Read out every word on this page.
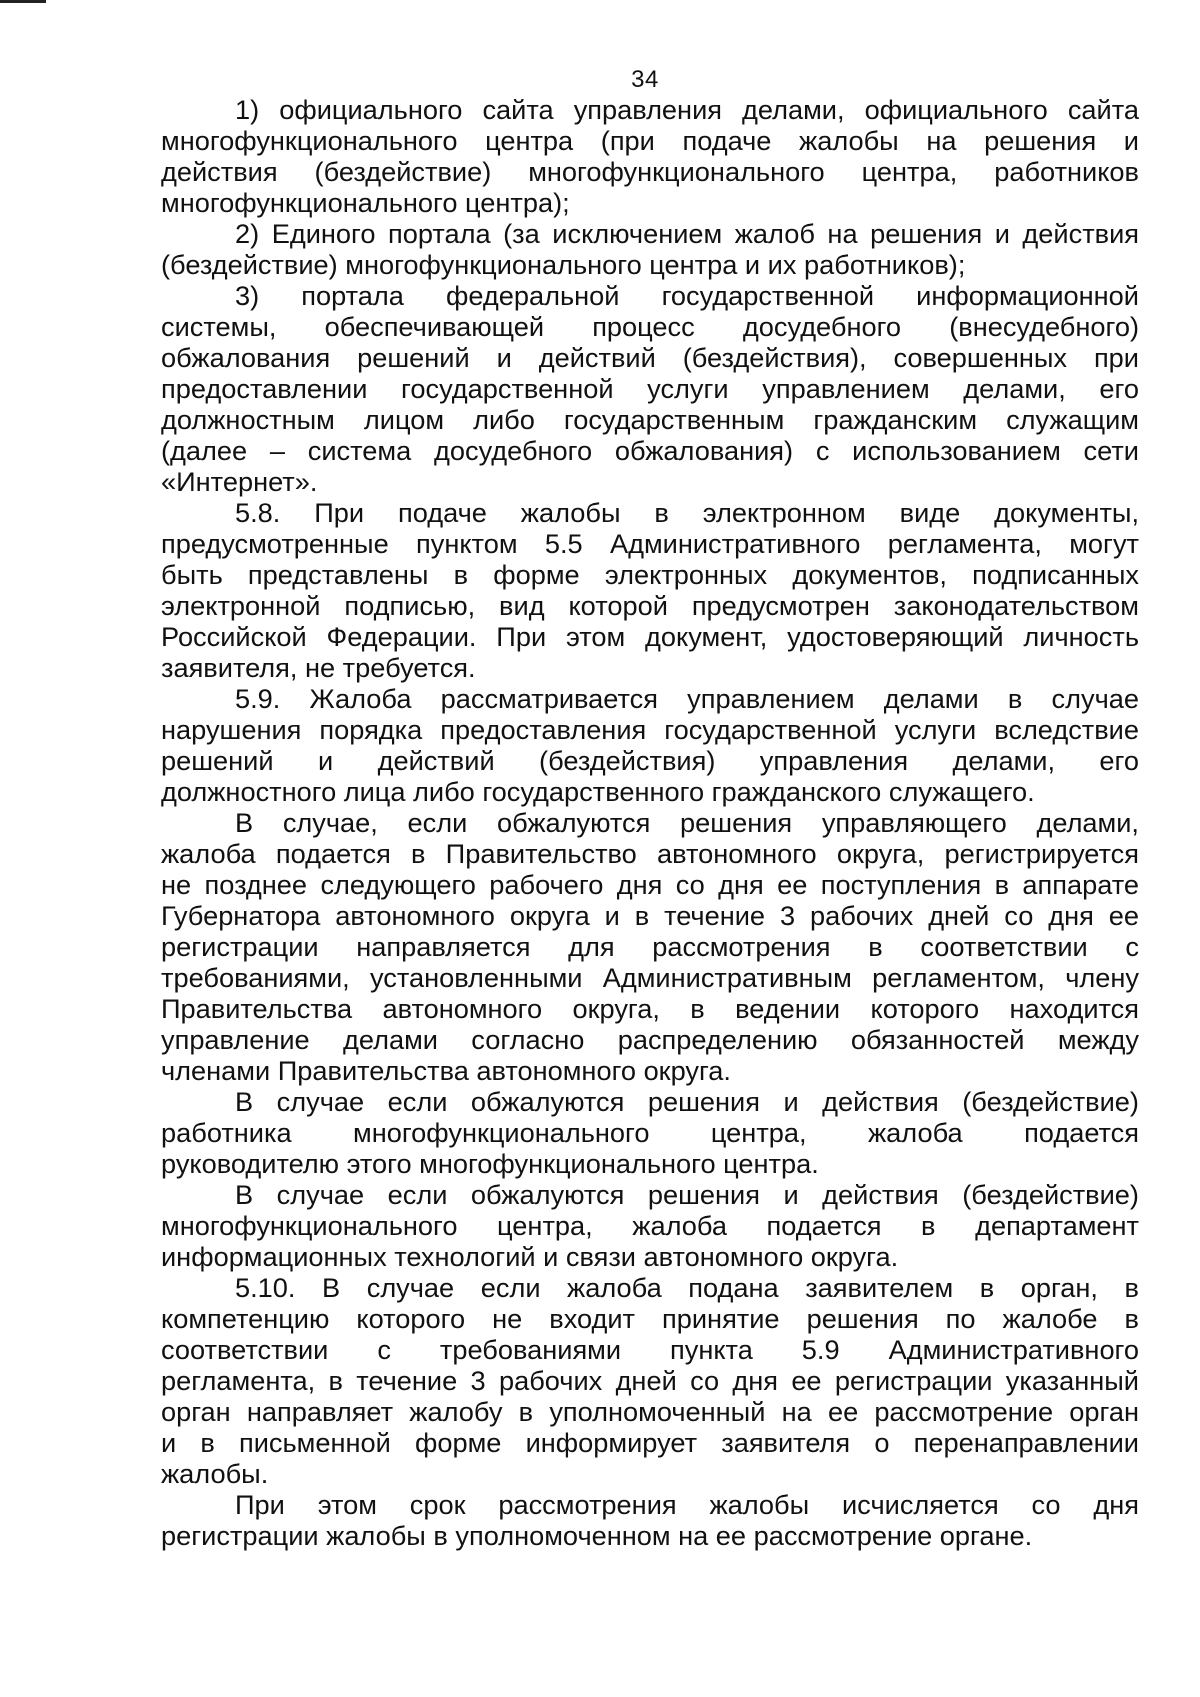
34

1) официального сайта управления делами, официального сайта
многофункционального центра (при подаче жалобы на решения и
действия (бездействие) многофункционального центра, работников
многофункционального центра);

2) Единого портала (за исключением жалоб на решения и действия
(бездействие) многофункционального центра и их работников);

3) портала федеральной государственной информационной
системы, обеспечивающей процесс досудебного (внесудебного)
обжалования решений и действий (бездействия), совершенных при
предоставлении государственной услуги управлением делами, его
должностным лицом либо государственным гражданским служащим
(далее – система досудебного обжалования) с использованием сети
«Интернет».

5.8. При подаче жалобы в электронном виде документы,
предусмотренные пунктом 5.5 Административного регламента, могут
быть представлены в форме электронных документов, подписанных
электронной подписью, вид которой предусмотрен законодательством
Российской Федерации. При этом документ, удостоверяющий личность
заявителя, не требуется.

5.9. Жалоба рассматривается управлением делами в случае
нарушения порядка предоставления государственной услуги вследствие
решений и действий (бездействия) управления делами, его
должностного лица либо государственного гражданского служащего.

В случае, если обжалуются решения управляющего делами,
жалоба подается в Правительство автономного округа, регистрируется
не позднее следующего рабочего дня со дня ее поступления в аппарате
Губернатора автономного округа и в течение 3 рабочих дней со дня ее
регистрации направляется для рассмотрения в соответствии с
требованиями, установленными Административным регламентом, члену
Правительства автономного округа, в ведении которого находится
управление делами согласно распределению обязанностей между
членами Правительства автономного округа.

В случае если обжалуются решения и действия (бездействие)
работника многофункционального центра, жалоба подается
руководителю этого многофункционального центра.

В случае если обжалуются решения и действия (бездействие)
многофункционального центра, жалоба подается в департамент
информационных технологий и связи автономного округа.

5.10. В случае если жалоба подана заявителем в орган, в
компетенцию которого не входит принятие решения по жалобе в
соответствии с требованиями пункта 5.9 Административного
регламента, в течение 3 рабочих дней со дня ее регистрации указанный
орган направляет жалобу в уполномоченный на ее рассмотрение орган
и в письменной форме информирует заявителя о перенаправлении
жалобы.

При этом срок рассмотрения жалобы исчисляется со дня
регистрации жалобы в уполномоченном на ее рассмотрение органе.
